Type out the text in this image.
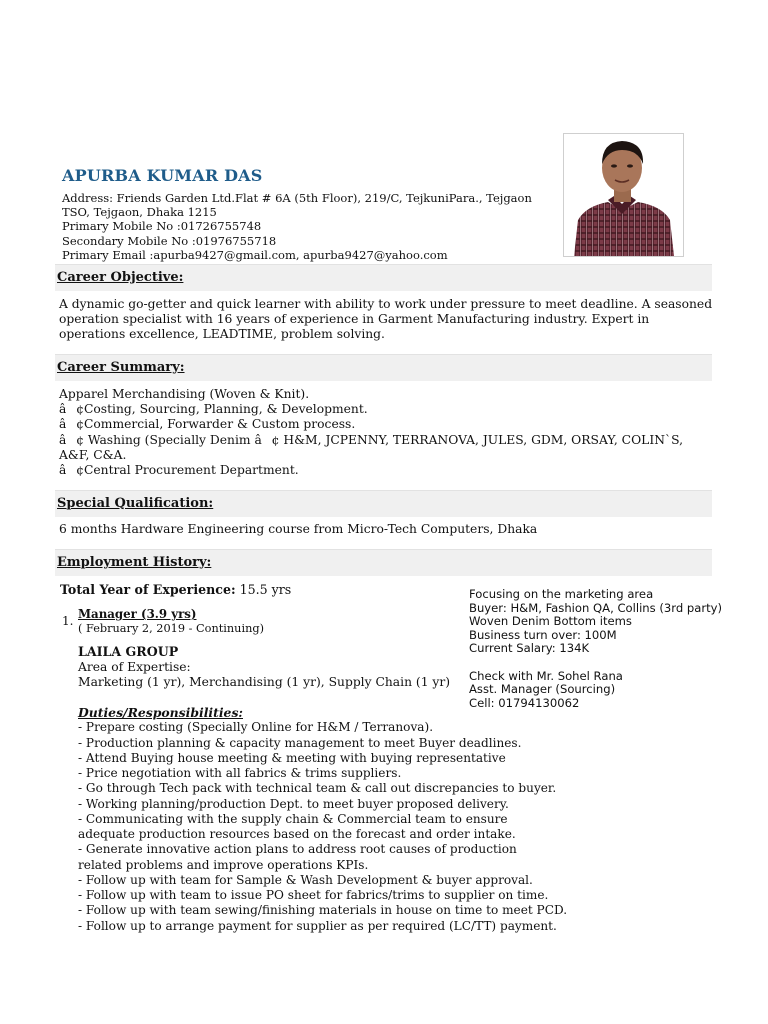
APURBA KUMAR DAS
Address: Friends Garden Ltd.Flat # 6A (5th Floor), 219/C, TejkuniPara., Tejgaon
TSO, Tejgaon, Dhaka 1215
Primary Mobile No :01726755748
Secondary Mobile No :01976755718
Primary Email :apurba9427@gmail.com, apurba9427@yahoo.com
Career Objective:
A dynamic go-getter and quick learner with ability to work under pressure to meet deadline. A seasoned
operation specialist with 16 years of experience in Garment Manufacturing industry. Expert in
operations excellence, LEADTIME, problem solving.
Career Summary:
Apparel Merchandising (Woven & Knit).
â¢Costing, Sourcing, Planning, & Development.
â¢Commercial, Forwarder & Custom process.
â¢ Washing (Specially Denim â¢ H&M, JCPENNY, TERRANOVA, JULES, GDM, ORSAY, COLIN`S,
A&F, C&A.
â¢Central Procurement Department.
Special Qualification:
6 months Hardware Engineering course from Micro-Tech Computers, Dhaka
Employment History:
Total Year of Experience: 15.5 yrs
1. Manager (3.9 yrs)
( February 2, 2019 - Continuing)
LAILA GROUP
Area of Expertise:
Marketing (1 yr), Merchandising (1 yr), Supply Chain (1 yr)
Focusing on the marketing area
Buyer: H&M, Fashion QA, Collins (3rd party)
Woven Denim Bottom items
Business turn over: 100M
Current Salary: 134K
Check with Mr. Sohel Rana
Asst. Manager (Sourcing)
Cell: 01794130062
Duties/Responsibilities:
- Prepare costing (Specially Online for H&M / Terranova).
- Production planning & capacity management to meet Buyer deadlines.
- Attend Buying house meeting & meeting with buying representative
- Price negotiation with all fabrics & trims suppliers.
- Go through Tech pack with technical team & call out discrepancies to buyer.
- Working planning/production Dept. to meet buyer proposed delivery.
- Communicating with the supply chain & Commercial team to ensure
adequate production resources based on the forecast and order intake.
- Generate innovative action plans to address root causes of production
related problems and improve operations KPIs.
- Follow up with team for Sample & Wash Development & buyer approval.
- Follow up with team to issue PO sheet for fabrics/trims to supplier on time.
- Follow up with team sewing/finishing materials in house on time to meet PCD.
- Follow up to arrange payment for supplier as per required (LC/TT) payment.
